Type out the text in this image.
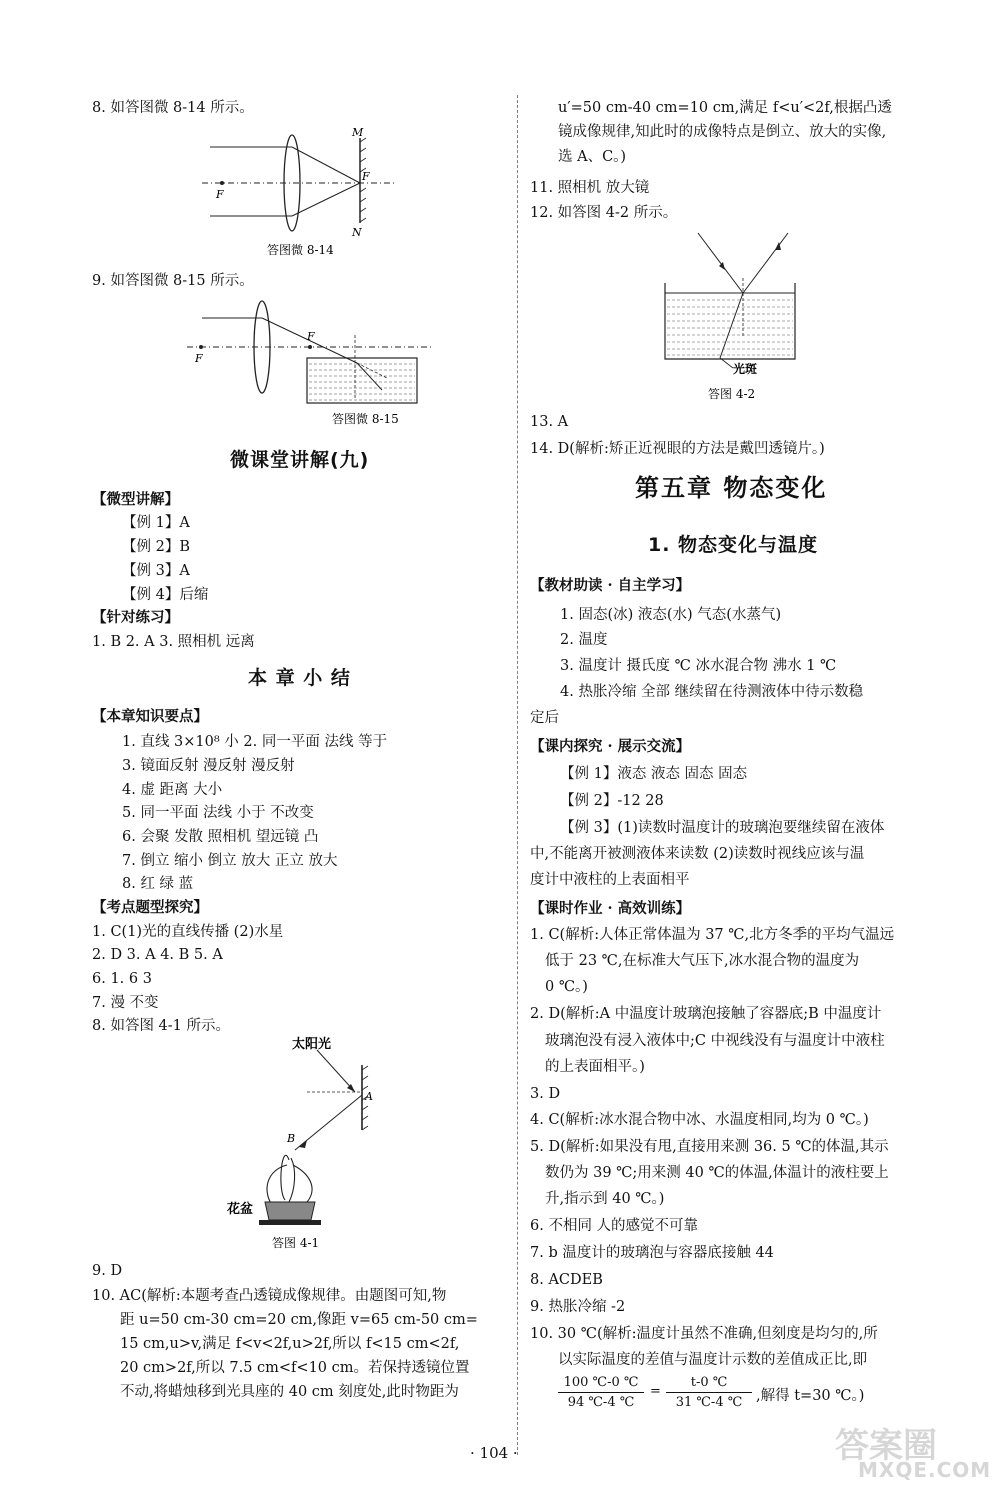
8. 如答图微 8-14 所示。
M
N
F
F
答图微 8-14
9. 如答图微 8-15 所示。
F
F
答图微 8-15
微课堂讲解(九)
【微型讲解】
【例 1】A
【例 2】B
【例 3】A
【例 4】后缩
【针对练习】
1. B 2. A 3. 照相机 远离
本 章 小 结
【本章知识要点】
1. 直线 3×10⁸ 小 2. 同一平面 法线 等于
3. 镜面反射 漫反射 漫反射
4. 虚 距离 大小
5. 同一平面 法线 小于 不改变
6. 会聚 发散 照相机 望远镜 凸
7. 倒立 缩小 倒立 放大 正立 放大
8. 红 绿 蓝
【考点题型探究】
1. C(1)光的直线传播 (2)水星
2. D 3. A 4. B 5. A
6. 1. 6 3
7. 漫 不变
8. 如答图 4-1 所示。
太阳光
A
B
花盆
答图 4-1
9. D
10. AC(解析:本题考查凸透镜成像规律。由题图可知,物
距 u=50 cm-30 cm=20 cm,像距 v=65 cm-50 cm=
15 cm,u>v,满足 f<v<2f,u>2f,所以 f<15 cm<2f,
20 cm>2f,所以 7.5 cm<f<10 cm。若保持透镜位置
不动,将蜡烛移到光具座的 40 cm 刻度处,此时物距为
u′=50 cm-40 cm=10 cm,满足 f<u′<2f,根据凸透
镜成像规律,知此时的成像特点是倒立、放大的实像,
选 A、C。)
11. 照相机 放大镜
12. 如答图 4-2 所示。
光斑
答图 4-2
13. A
14. D(解析:矫正近视眼的方法是戴凹透镜片。)
第五章 物态变化
1. 物态变化与温度
【教材助读 · 自主学习】
1. 固态(冰) 液态(水) 气态(水蒸气)
2. 温度
3. 温度计 摄氏度 ℃ 冰水混合物 沸水 1 ℃
4. 热胀冷缩 全部 继续留在待测液体中待示数稳
定后
【课内探究 · 展示交流】
【例 1】液态 液态 固态 固态
【例 2】-12 28
【例 3】(1)读数时温度计的玻璃泡要继续留在液体
中,不能离开被测液体来读数 (2)读数时视线应该与温
度计中液柱的上表面相平
【课时作业 · 高效训练】
1. C(解析:人体正常体温为 37 ℃,北方冬季的平均气温远
低于 23 ℃,在标准大气压下,冰水混合物的温度为
0 ℃。)
2. D(解析:A 中温度计玻璃泡接触了容器底;B 中温度计
玻璃泡没有浸入液体中;C 中视线没有与温度计中液柱
的上表面相平。)
3. D
4. C(解析:冰水混合物中冰、水温度相同,均为 0 ℃。)
5. D(解析:如果没有甩,直接用来测 36. 5 ℃的体温,其示
数仍为 39 ℃;用来测 40 ℃的体温,体温计的液柱要上
升,指示到 40 ℃。)
6. 不相同 人的感觉不可靠
7. b 温度计的玻璃泡与容器底接触 44
8. ACDEB
9. 热胀冷缩 -2
10. 30 ℃(解析:温度计虽然不准确,但刻度是均匀的,所
以实际温度的差值与温度计示数的差值成正比,即
100 ℃-0 ℃
94 ℃-4 ℃
=
t-0 ℃
31 ℃-4 ℃ ,解得 t=30 ℃。)
· 104 ·	答案圈
MXQE.COM
